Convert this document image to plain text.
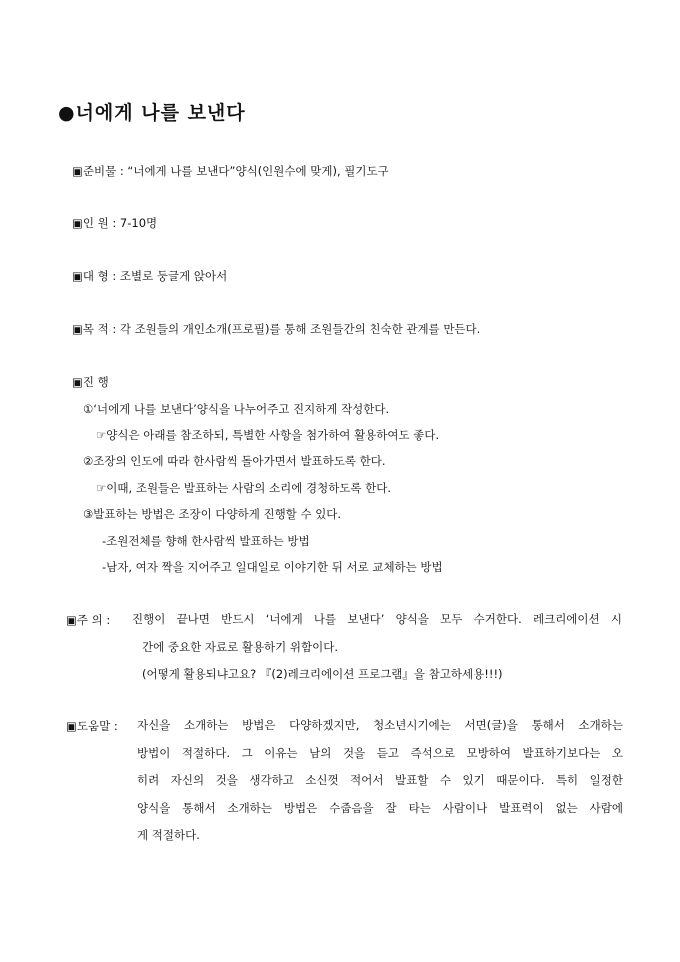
●너에게 나를 보낸다
▣준비물 : “너에게 나를 보낸다”양식(인원수에 맞게), 필기도구
▣인 원 : 7-10명
▣대 형 : 조별로 둥글게 앉아서
▣목 적 : 각 조원들의 개인소개(프로필)를 통해 조원들간의 친숙한 관계를 만든다.
▣진 행
①‘너에게 나를 보낸다’양식을 나누어주고 진지하게 작성한다.
☞양식은 아래를 참조하되, 특별한 사항을 첨가하여 활용하여도 좋다.
②조장의 인도에 따라 한사람씩 돌아가면서 발표하도록 한다.
☞이때, 조원들은 발표하는 사람의 소리에 경청하도록 한다.
③발표하는 방법은 조장이 다양하게 진행할 수 있다.
-조원전체를 향해 한사람씩 발표하는 방법
-남자, 여자 짝을 지어주고 일대일로 이야기한 뒤 서로 교체하는 방법
▣주 의 : 진행이 끝나면 반드시 ‘너에게 나를 보낸다’ 양식을 모두 수거한다. 레크리에이션 시
간에 중요한 자료로 활용하기 위함이다.
(어떻게 활용되냐고요? 『(2)레크리에이션 프로그램』을 참고하세용!!!)
▣도움말 : 자신을 소개하는 방법은 다양하겠지만, 청소년시기에는 서면(글)을 통해서 소개하는
방법이 적절하다. 그 이유는 남의 것을 듣고 즉석으로 모방하여 발표하기보다는 오
히려 자신의 것을 생각하고 소신껏 적어서 발표할 수 있기 때문이다. 특히 일정한
양식을 통해서 소개하는 방법은 수줍음을 잘 타는 사람이나 발표력이 없는 사람에
게 적절하다.
